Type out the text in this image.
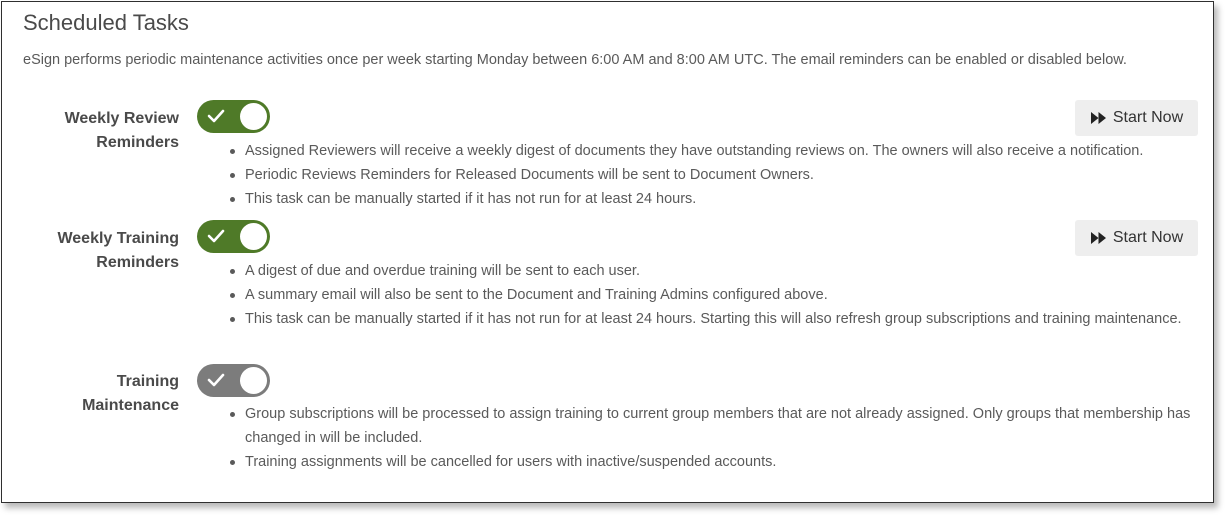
Scheduled Tasks
eSign performs periodic maintenance activities once per week starting Monday between 6:00 AM and 8:00 AM UTC. The email reminders can be enabled or disabled below.
Weekly Review
Reminders
Start Now
Assigned Reviewers will receive a weekly digest of documents they have outstanding reviews on. The owners will also receive a notification.
Periodic Reviews Reminders for Released Documents will be sent to Document Owners.
This task can be manually started if it has not run for at least 24 hours.
Weekly Training
Reminders
Start Now
A digest of due and overdue training will be sent to each user.
A summary email will also be sent to the Document and Training Admins configured above.
This task can be manually started if it has not run for at least 24 hours. Starting this will also refresh group subscriptions and training maintenance.
Training
Maintenance	Group subscriptions will be processed to assign training to current group members that are not already assigned. Only groups that membership has changed in will be included.
Training assignments will be cancelled for users with inactive/suspended accounts.
